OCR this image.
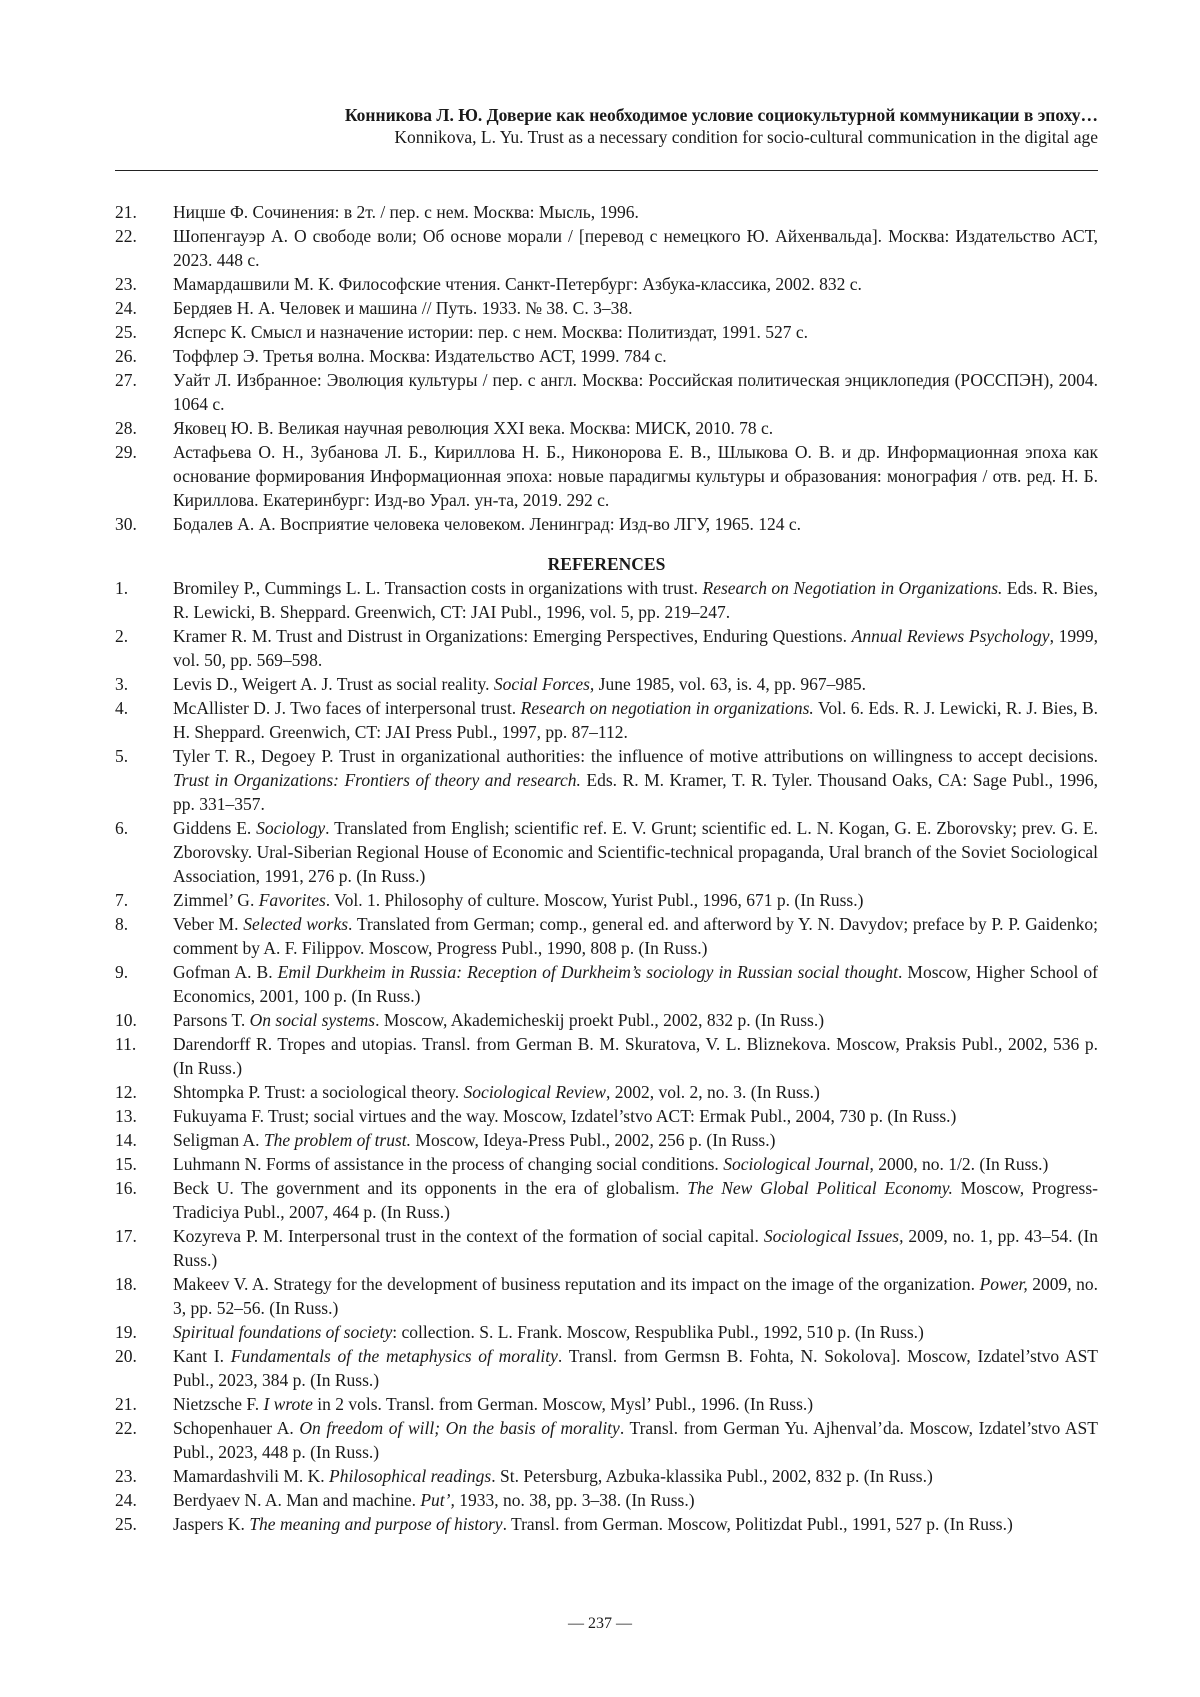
Конникова Л. Ю. Доверие как необходимое условие социокультурной коммуникации в эпоху…
Konnikova, L. Yu. Trust as a necessary condition for socio-cultural communication in the digital age
21.	Ницше Ф. Сочинения: в 2т. / пер. с нем. Москва: Мысль, 1996.
22.	Шопенгауэр А. О свободе воли; Об основе морали / [перевод с немецкого Ю. Айхенвальда]. Москва: Издательство АСТ, 2023. 448 с.
23.	Мамардашвили М. К. Философские чтения. Санкт-Петербург: Азбука-классика, 2002. 832 с.
24.	Бердяев Н. А. Человек и машина // Путь. 1933. № 38. С. 3–38.
25.	Ясперс К. Смысл и назначение истории: пер. с нем. Москва: Политиздат, 1991. 527 с.
26.	Тоффлер Э. Третья волна. Москва: Издательство АСТ, 1999. 784 с.
27.	Уайт Л. Избранное: Эволюция культуры / пер. с англ. Москва: Российская политическая энциклопедия (РОССПЭН), 2004. 1064 с.
28.	Яковец Ю. В. Великая научная революция XXI века. Москва: МИСК, 2010. 78 с.
29.	Астафьева О. Н., Зубанова Л. Б., Кириллова Н. Б., Никонорова Е. В., Шлыкова О. В. и др. Информационная эпоха как основание формирования Информационная эпоха: новые парадигмы культуры и образования: монография / отв. ред. Н. Б. Кириллова. Екатеринбург: Изд-во Урал. ун-та, 2019. 292 с.
30.	Бодалев А. А. Восприятие человека человеком. Ленинград: Изд-во ЛГУ, 1965. 124 с.
REFERENCES
1.	Bromiley P., Cummings L. L. Transaction costs in organizations with trust. Research on Negotiation in Organizations. Eds. R. Bies, R. Lewicki, B. Sheppard. Greenwich, CT: JAI Publ., 1996, vol. 5, pp. 219–247.
2.	Kramer R. M. Trust and Distrust in Organizations: Emerging Perspectives, Enduring Questions. Annual Reviews Psychology, 1999, vol. 50, pp. 569–598.
3.	Levis D., Weigert A. J. Trust as social reality. Social Forces, June 1985, vol. 63, is. 4, pp. 967–985.
4.	McAllister D. J. Two faces of interpersonal trust. Research on negotiation in organizations. Vol. 6. Eds. R. J. Lewicki, R. J. Bies, B. H. Sheppard. Greenwich, CT: JAI Press Publ., 1997, pp. 87–112.
5.	Tyler T. R., Degoey P. Trust in organizational authorities: the influence of motive attributions on willingness to accept decisions. Trust in Organizations: Frontiers of theory and research. Eds. R. M. Kramer, T. R. Tyler. Thousand Oaks, CA: Sage Publ., 1996, pp. 331–357.
6.	Giddens E. Sociology. Translated from English; scientific ref. E. V. Grunt; scientific ed. L. N. Kogan, G. E. Zborovsky; prev. G. E. Zborovsky. Ural-Siberian Regional House of Economic and Scientific-technical propaganda, Ural branch of the Soviet Sociological Association, 1991, 276 p. (In Russ.)
7.	Zimmel’ G. Favorites. Vol. 1. Philosophy of culture. Moscow, Yurist Publ., 1996, 671 p. (In Russ.)
8.	Veber M. Selected works. Translated from German; comp., general ed. and afterword by Y. N. Davydov; preface by P. P. Gaidenko; comment by A. F. Filippov. Moscow, Progress Publ., 1990, 808 p. (In Russ.)
9.	Gofman A. B. Emil Durkheim in Russia: Reception of Durkheim’s sociology in Russian social thought. Moscow, Higher School of Economics, 2001, 100 p. (In Russ.)
10.	Parsons T. On social systems. Moscow, Akademicheskij proekt Publ., 2002, 832 p. (In Russ.)
11.	Darendorff R. Tropes and utopias. Transl. from German B. M. Skuratova, V. L. Bliznekova. Moscow, Praksis Publ., 2002, 536 p. (In Russ.)
12.	Shtompka P. Trust: a sociological theory. Sociological Review, 2002, vol. 2, no. 3. (In Russ.)
13.	Fukuyama F. Trust; social virtues and the way. Moscow, Izdatel’stvo ACT: Ermak Publ., 2004, 730 p. (In Russ.)
14.	Seligman A. The problem of trust. Moscow, Ideya-Press Publ., 2002, 256 p. (In Russ.)
15.	Luhmann N. Forms of assistance in the process of changing social conditions. Sociological Journal, 2000, no. 1/2. (In Russ.)
16.	Beck U. The government and its opponents in the era of globalism. The New Global Political Economy. Moscow, Progress-Tradiciya Publ., 2007, 464 p. (In Russ.)
17.	Kozyreva P. M. Interpersonal trust in the context of the formation of social capital. Sociological Issues, 2009, no. 1, pp. 43–54. (In Russ.)
18.	Makeev V. A. Strategy for the development of business reputation and its impact on the image of the organization. Power, 2009, no. 3, pp. 52–56. (In Russ.)
19.	Spiritual foundations of society: collection. S. L. Frank. Moscow, Respublika Publ., 1992, 510 p. (In Russ.)
20.	Kant I. Fundamentals of the metaphysics of morality. Transl. from Germsn B. Fohta, N. Sokolova]. Moscow, Izdatel’stvo AST Publ., 2023, 384 p. (In Russ.)
21.	Nietzsche F. I wrote in 2 vols. Transl. from German. Moscow, Mysl’ Publ., 1996. (In Russ.)
22.	Schopenhauer A. On freedom of will; On the basis of morality. Transl. from German Yu. Ajhenval’da. Moscow, Izdatel’stvo AST Publ., 2023, 448 p. (In Russ.)
23.	Mamardashvili M. K. Philosophical readings. St. Petersburg, Azbuka-klassika Publ., 2002, 832 p. (In Russ.)
24.	Berdyaev N. A. Man and machine. Put’, 1933, no. 38, pp. 3–38. (In Russ.)
25.	Jaspers K. The meaning and purpose of history. Transl. from German. Moscow, Politizdat Publ., 1991, 527 p. (In Russ.)
— 237 —
